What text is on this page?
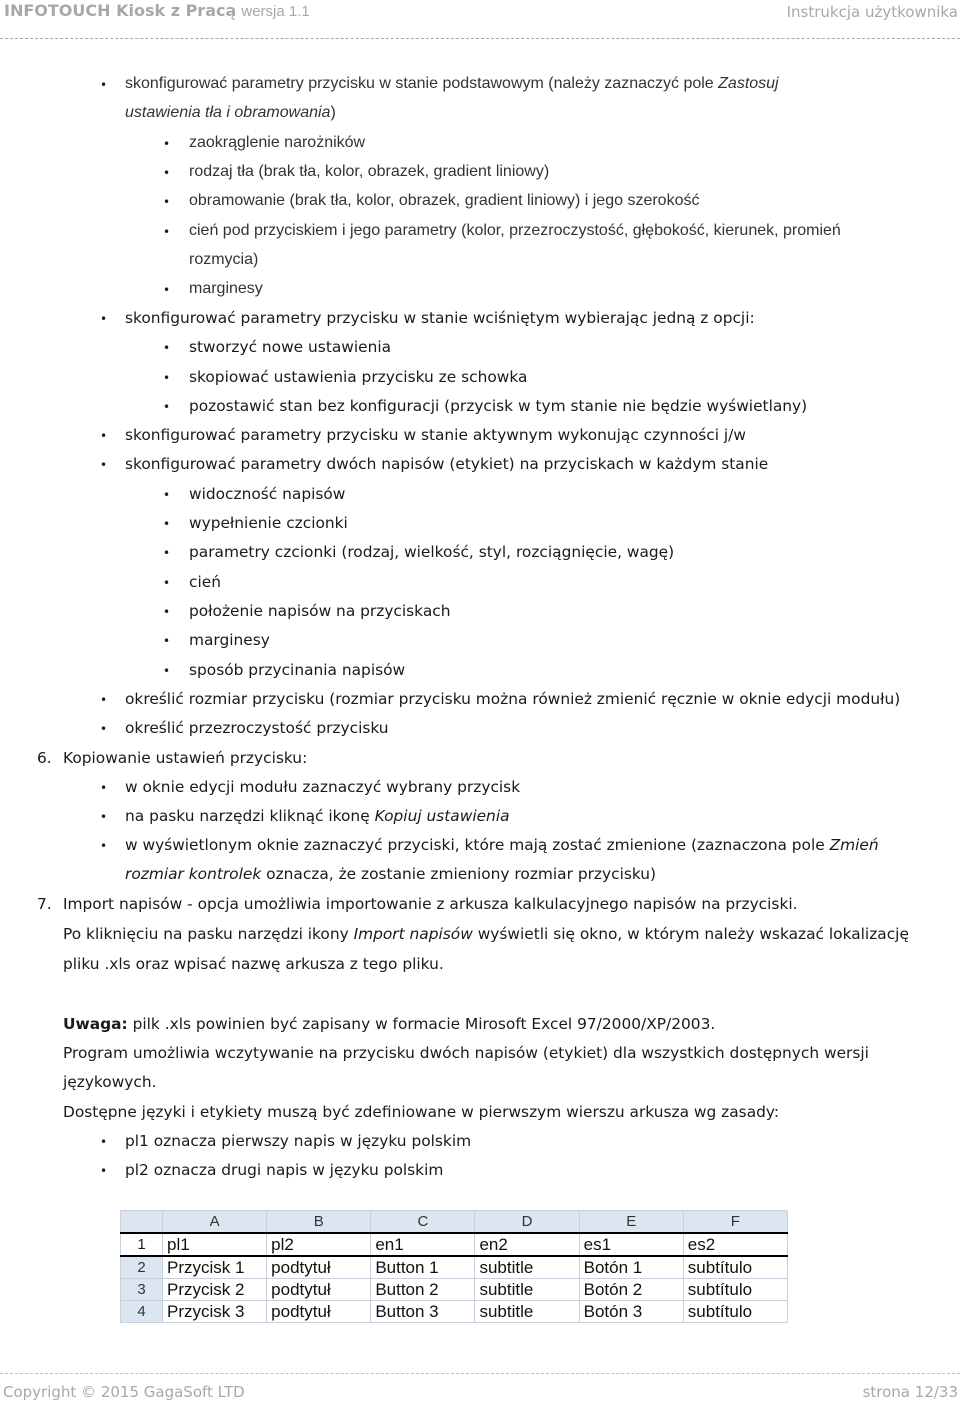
INFOTOUCH Kiosk z Pracą wersja 1.1	Instrukcja użytkownika
• skonfigurować parametry przycisku w stanie podstawowym (należy zaznaczyć pole Zastosuj
ustawienia tła i obramowania)
• zaokrąglenie narożników
• rodzaj tła (brak tła, kolor, obrazek, gradient liniowy)
• obramowanie (brak tła, kolor, obrazek, gradient liniowy) i jego szerokość
• cień pod przyciskiem i jego parametry (kolor, przezroczystość, głębokość, kierunek, promień
rozmycia)
• marginesy
• skonfigurować parametry przycisku w stanie wciśniętym wybierając jedną z opcji:
• stworzyć nowe ustawienia
• skopiować ustawienia przycisku ze schowka
• pozostawić stan bez konfiguracji (przycisk w tym stanie nie będzie wyświetlany)
• skonfigurować parametry przycisku w stanie aktywnym wykonując czynności j/w
• skonfigurować parametry dwóch napisów (etykiet) na przyciskach w każdym stanie
• widoczność napisów
• wypełnienie czcionki
• parametry czcionki (rodzaj, wielkość, styl, rozciągnięcie, wagę)
• cień
• położenie napisów na przyciskach
• marginesy
• sposób przycinania napisów
• określić rozmiar przycisku (rozmiar przycisku można również zmienić ręcznie w oknie edycji modułu)
• określić przezroczystość przycisku
6. Kopiowanie ustawień przycisku:
• w oknie edycji modułu zaznaczyć wybrany przycisk
• na pasku narzędzi kliknąć ikonę Kopiuj ustawienia
• w wyświetlonym oknie zaznaczyć przyciski, które mają zostać zmienione (zaznaczona pole Zmień
rozmiar kontrolek oznacza, że zostanie zmieniony rozmiar przycisku)
7. Import napisów - opcja umożliwia importowanie z arkusza kalkulacyjnego napisów na przyciski.
Po kliknięciu na pasku narzędzi ikony Import napisów wyświetli się okno, w którym należy wskazać lokalizację
pliku .xls oraz wpisać nazwę arkusza z tego pliku.
Uwaga: pilk .xls powinien być zapisany w formacie Mirosoft Excel 97/2000/XP/2003.
Program umożliwia wczytywanie na przycisku dwóch napisów (etykiet) dla wszystkich dostępnych wersji
językowych.
Dostępne języki i etykiety muszą być zdefiniowane w pierwszym wierszu arkusza wg zasady:
• pl1 oznacza pierwszy napis w języku polskim
• pl2 oznacza drugi napis w języku polskim
	A	B	C	D	E	F
1	pl1	pl2	en1	en2	es1	es2
2	Przycisk 1	podtytuł	Button 1	subtitle	Botón 1	subtítulo
3	Przycisk 2	podtytuł	Button 2	subtitle	Botón 2	subtítulo
4	Przycisk 3	podtytuł	Button 3	subtitle	Botón 3	subtítulo
Copyright © 2015 GagaSoft LTD	strona 12/33
